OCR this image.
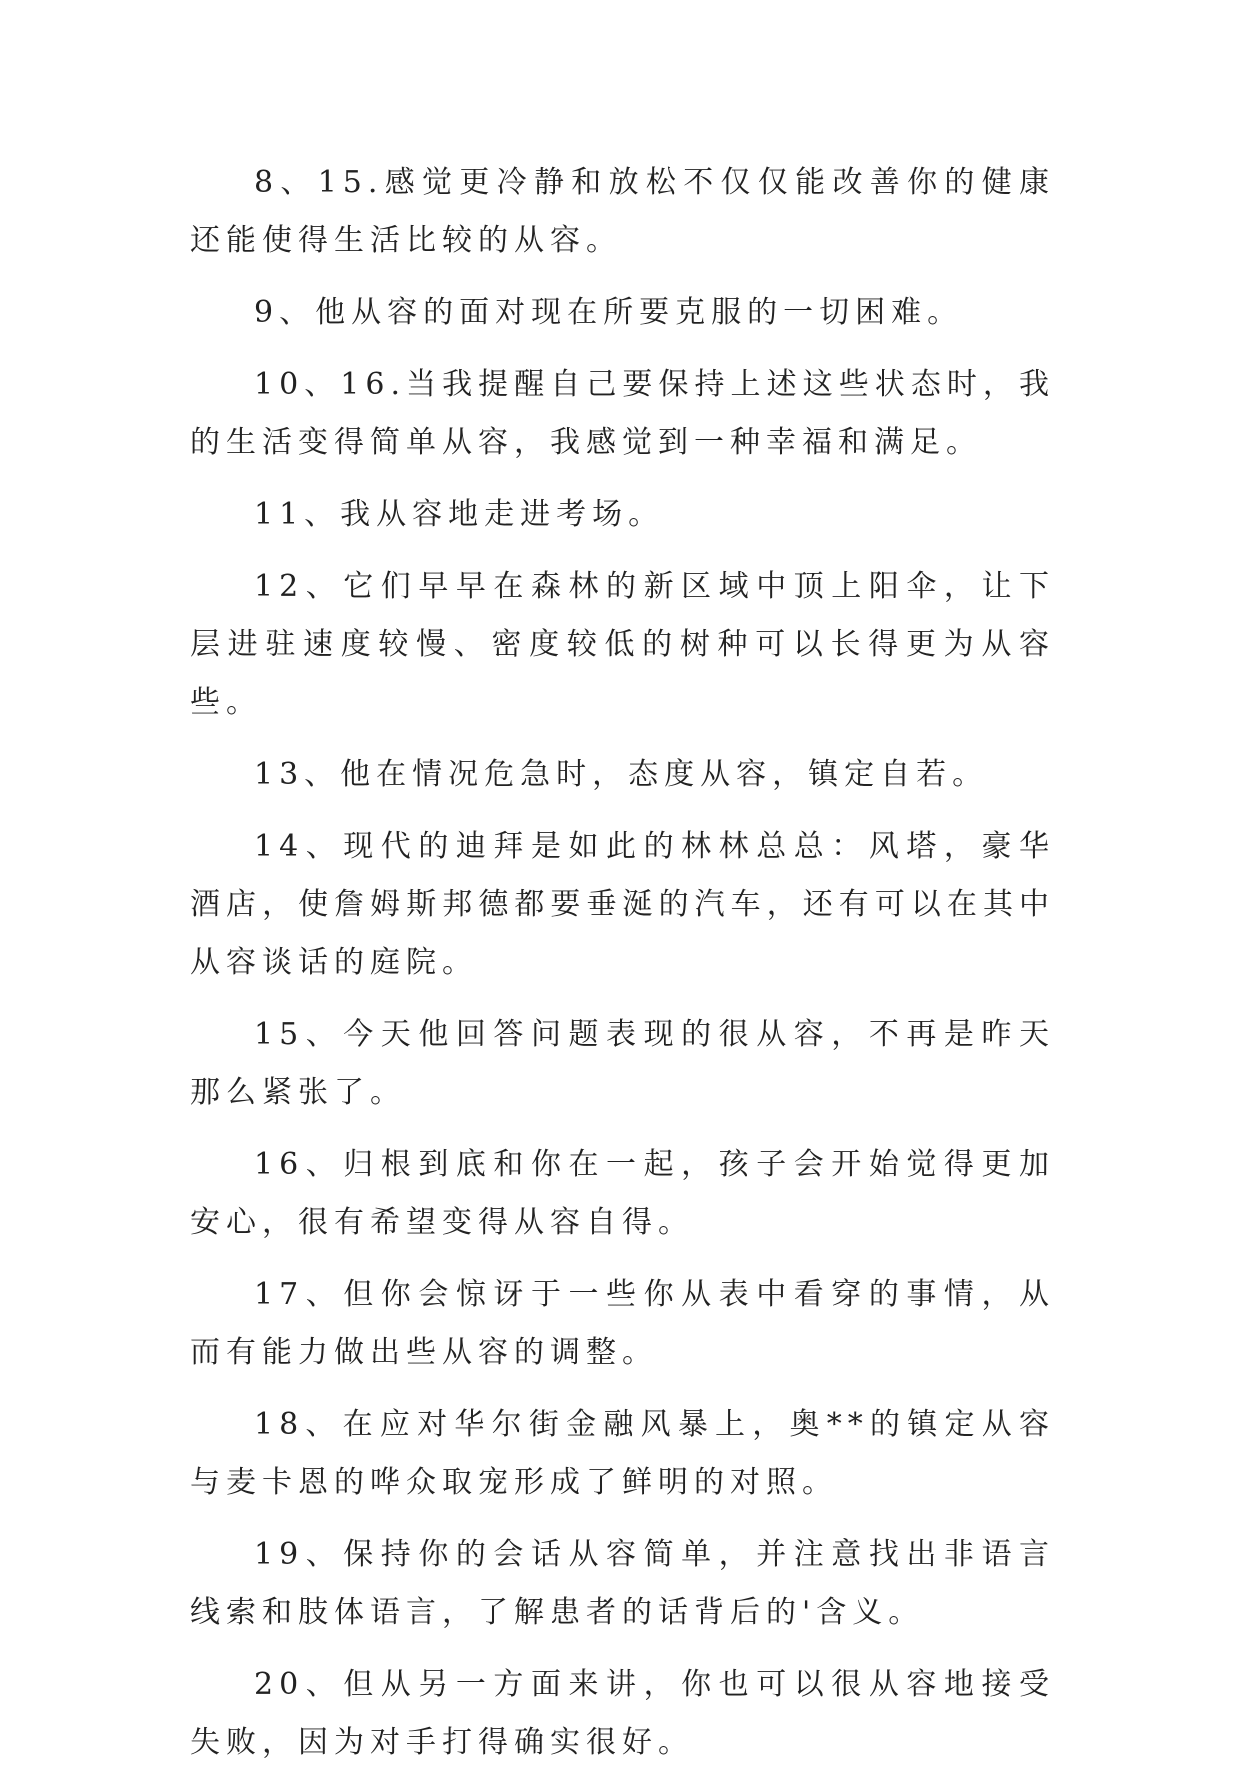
8、15.感觉更冷静和放松不仅仅能改善你的健康还能使得生活比较的从容。

9、他从容的面对现在所要克服的一切困难。

10、16.当我提醒自己要保持上述这些状态时，我的生活变得简单从容，我感觉到一种幸福和满足。

11、我从容地走进考场。

12、它们早早在森林的新区域中顶上阳伞，让下层进驻速度较慢、密度较低的树种可以长得更为从容些。

13、他在情况危急时，态度从容，镇定自若。

14、现代的迪拜是如此的林林总总：风塔，豪华酒店，使詹姆斯邦德都要垂涎的汽车，还有可以在其中从容谈话的庭院。

15、今天他回答问题表现的很从容，不再是昨天那么紧张了。

16、归根到底和你在一起，孩子会开始觉得更加安心，很有希望变得从容自得。

17、但你会惊讶于一些你从表中看穿的事情，从而有能力做出些从容的调整。

18、在应对华尔街金融风暴上，奥**的镇定从容与麦卡恩的哗众取宠形成了鲜明的对照。

19、保持你的会话从容简单，并注意找出非语言线索和肢体语言，了解患者的话背后的'含义。

20、但从另一方面来讲，你也可以很从容地接受失败，因为对手打得确实很好。
